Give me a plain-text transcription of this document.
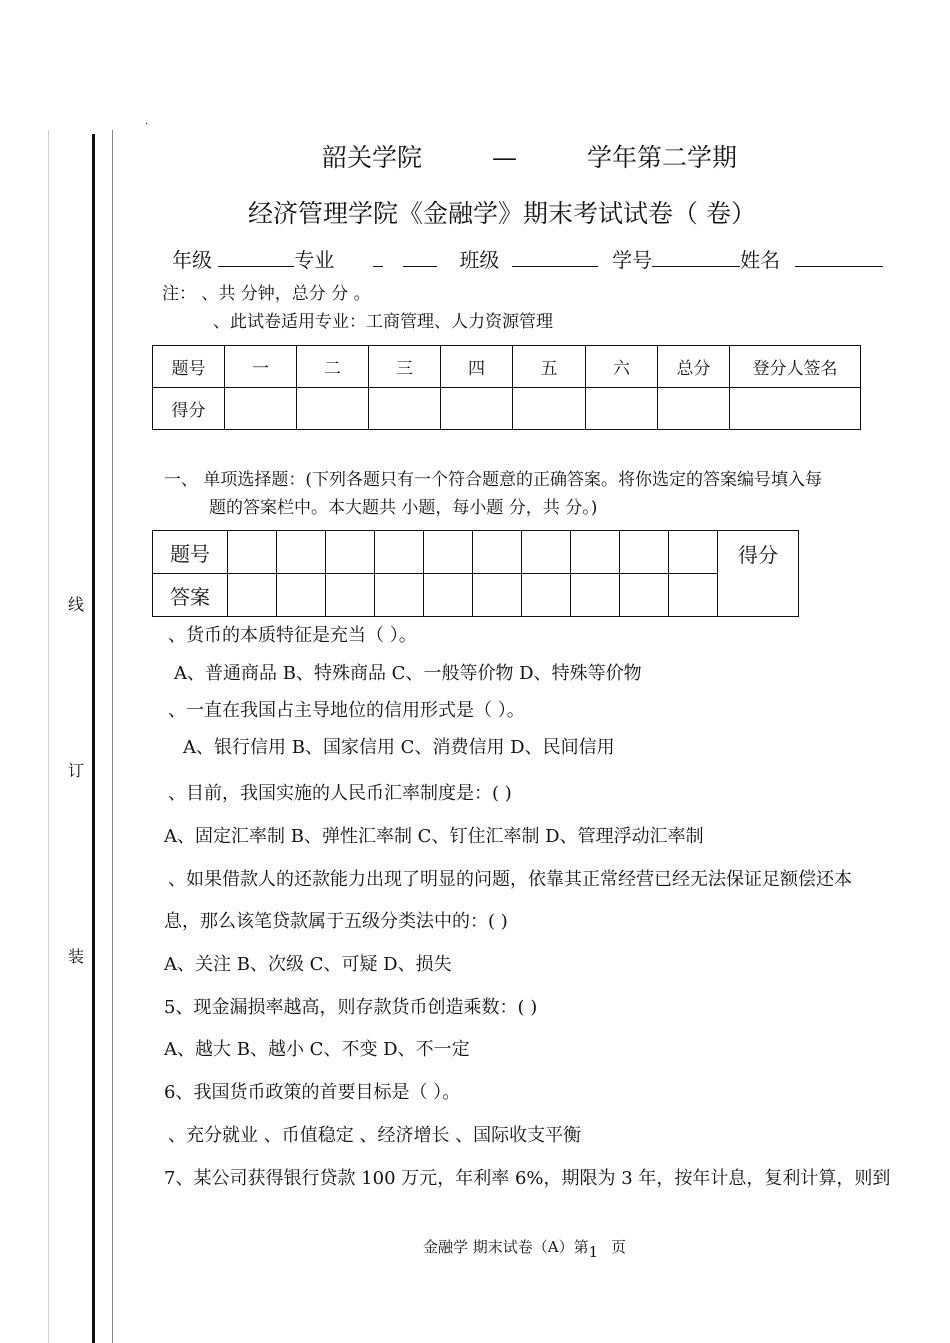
.
线
订
装
韶关学院	—	学年第二学期
经济管理学院《金融学》期末考试试卷（ 卷）
年级	专业	班级	学号	姓名
注： 、共 分钟，总分 分 。
、此试卷适用专业：工商管理、人力资源管理
题号	一	二	三	四	五	六	总分	登分人签名
得分								
一、 单项选择题：(下列各题只有一个符合题意的正确答案。将你选定的答案编号填入每
题的答案栏中。本大题共 小题，每小题 分，共 分。)
题号											得分
答案											
、货币的本质特征是充当（ ）。
A、普通商品 B、特殊商品 C、一般等价物 D、特殊等价物
、一直在我国占主导地位的信用形式是（ ）。
A、银行信用 B、国家信用 C、消费信用 D、民间信用
、目前，我国实施的人民币汇率制度是：( )
A、固定汇率制 B、弹性汇率制 C、钉住汇率制 D、管理浮动汇率制
、如果借款人的还款能力出现了明显的问题，依靠其正常经营已经无法保证足额偿还本
息，那么该笔贷款属于五级分类法中的：( )
A、关注 B、次级 C、可疑 D、损失
5、现金漏损率越高，则存款货币创造乘数：( )
A、越大 B、越小 C、不变 D、不一定
6、我国货币政策的首要目标是（ ）。
、充分就业 、币值稳定 、经济增长 、国际收支平衡
7、某公司获得银行贷款 100 万元，年利率 6%，期限为 3 年，按年计息，复利计算，则到
金融学 期末试卷（A）第1 页
